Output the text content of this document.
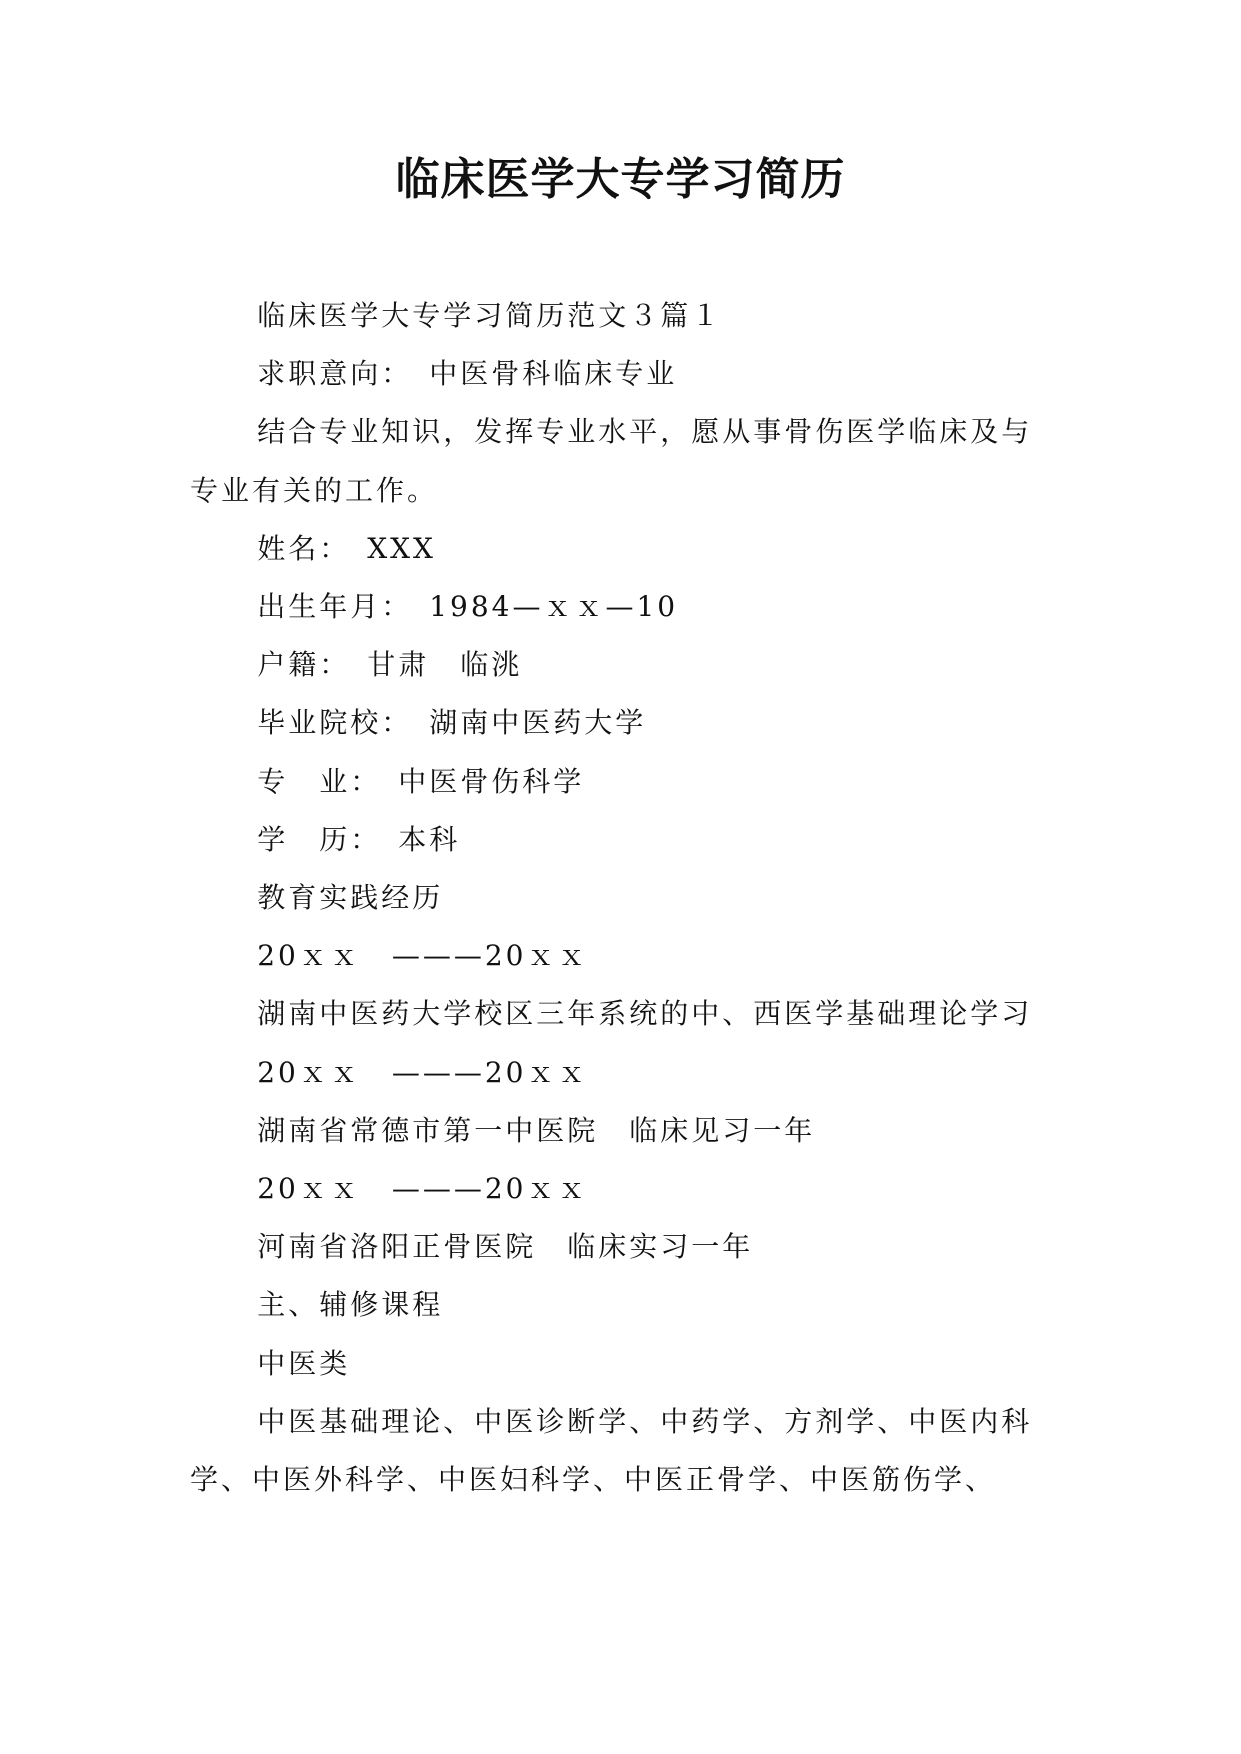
临床医学大专学习简历

临床医学大专学习简历范文３篇１

求职意向：　中医骨科临床专业

结合专业知识，发挥专业水平，愿从事骨伤医学临床及与专业有关的工作。

姓名：　XXX

出生年月：　1984—ｘｘ—10

户籍：　甘肃　临洮

毕业院校：　湖南中医药大学

专　业：　中医骨伤科学

学　历：　本科

教育实践经历

20ｘｘ　———20ｘｘ

湖南中医药大学校区三年系统的中、西医学基础理论学习

20ｘｘ　———20ｘｘ

湖南省常德市第一中医院　临床见习一年

20ｘｘ　———20ｘｘ

河南省洛阳正骨医院　临床实习一年

主、辅修课程

中医类

中医基础理论、中医诊断学、中药学、方剂学、中医内科学、中医外科学、中医妇科学、中医正骨学、中医筋伤学、
